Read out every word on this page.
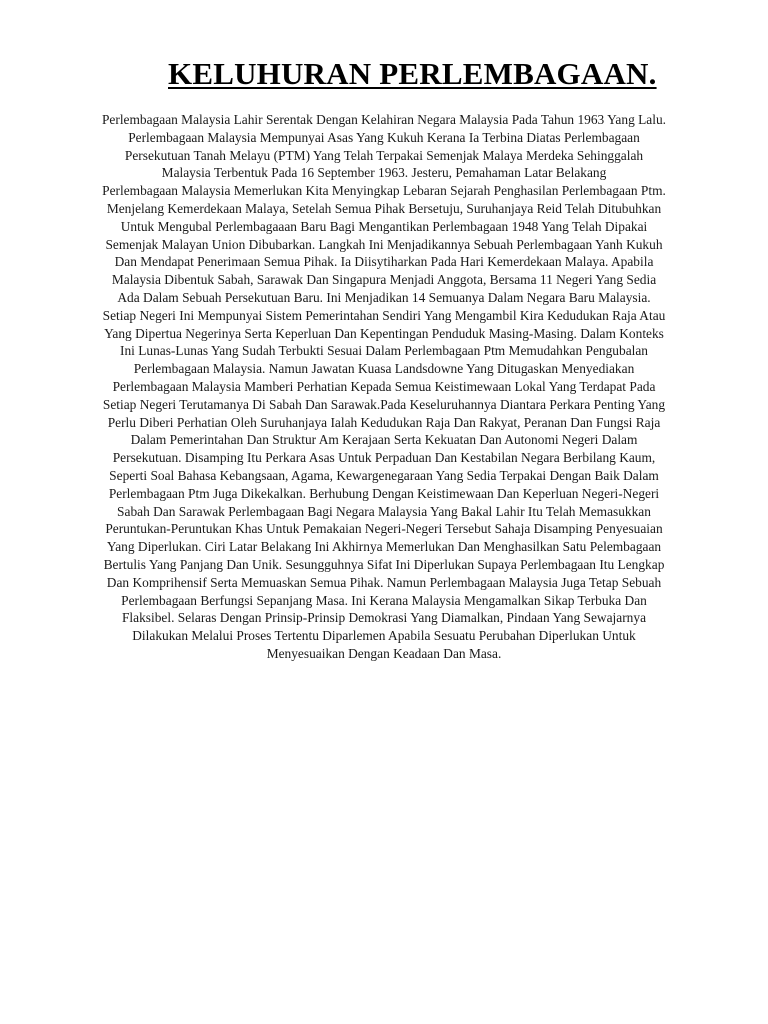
KELUHURAN PERLEMBAGAAN.
Perlembagaan Malaysia Lahir Serentak Dengan Kelahiran Negara Malaysia Pada Tahun 1963 Yang Lalu.
Perlembagaan Malaysia Mempunyai Asas Yang Kukuh Kerana Ia Terbina Diatas Perlembagaan
Persekutuan Tanah Melayu (PTM) Yang Telah Terpakai Semenjak Malaya Merdeka Sehinggalah
Malaysia Terbentuk Pada 16 September 1963. Jesteru, Pemahaman Latar Belakang
Perlembagaan Malaysia Memerlukan Kita Menyingkap Lebaran Sejarah Penghasilan Perlembagaan Ptm.
Menjelang Kemerdekaan Malaya, Setelah Semua Pihak Bersetuju, Suruhanjaya Reid Telah Ditubuhkan
Untuk Mengubal Perlembagaaan Baru Bagi Mengantikan Perlembagaan 1948 Yang Telah Dipakai
Semenjak Malayan Union Dibubarkan. Langkah Ini Menjadikannya Sebuah Perlembagaan Yanh Kukuh
Dan Mendapat Penerimaan Semua Pihak. Ia Diisytiharkan Pada Hari Kemerdekaan Malaya. Apabila
Malaysia Dibentuk Sabah, Sarawak Dan Singapura Menjadi Anggota, Bersama 11 Negeri Yang Sedia
Ada Dalam Sebuah Persekutuan Baru. Ini Menjadikan 14 Semuanya Dalam Negara Baru Malaysia.
Setiap Negeri Ini Mempunyai Sistem Pemerintahan Sendiri Yang Mengambil Kira Kedudukan Raja Atau
Yang Dipertua Negerinya Serta Keperluan Dan Kepentingan Penduduk Masing-Masing. Dalam Konteks
Ini Lunas-Lunas Yang Sudah Terbukti Sesuai Dalam Perlembagaan Ptm Memudahkan Pengubalan
Perlembagaan Malaysia. Namun Jawatan Kuasa Landsdowne Yang Ditugaskan Menyediakan
Perlembagaan Malaysia Mamberi Perhatian Kepada Semua Keistimewaan Lokal Yang Terdapat Pada
Setiap Negeri Terutamanya Di Sabah Dan Sarawak.Pada Keseluruhannya Diantara Perkara Penting Yang
Perlu Diberi Perhatian Oleh Suruhanjaya Ialah Kedudukan Raja Dan Rakyat, Peranan Dan Fungsi Raja
Dalam Pemerintahan Dan Struktur Am Kerajaan Serta Kekuatan Dan Autonomi Negeri Dalam
Persekutuan. Disamping Itu Perkara Asas Untuk Perpaduan Dan Kestabilan Negara Berbilang Kaum,
Seperti Soal Bahasa Kebangsaan, Agama, Kewargenegaraan Yang Sedia Terpakai Dengan Baik Dalam
Perlembagaan Ptm Juga Dikekalkan. Berhubung Dengan Keistimewaan Dan Keperluan Negeri-Negeri
Sabah Dan Sarawak Perlembagaan Bagi Negara Malaysia Yang Bakal Lahir Itu Telah Memasukkan
Peruntukan-Peruntukan Khas Untuk Pemakaian Negeri-Negeri Tersebut Sahaja Disamping Penyesuaian
Yang Diperlukan. Ciri Latar Belakang Ini Akhirnya Memerlukan Dan Menghasilkan Satu Pelembagaan
Bertulis Yang Panjang Dan Unik. Sesungguhnya Sifat Ini Diperlukan Supaya Perlembagaan Itu Lengkap
Dan Komprihensif Serta Memuaskan Semua Pihak. Namun Perlembagaan Malaysia Juga Tetap Sebuah
Perlembagaan Berfungsi Sepanjang Masa. Ini Kerana Malaysia Mengamalkan Sikap Terbuka Dan
Flaksibel. Selaras Dengan Prinsip-Prinsip Demokrasi Yang Diamalkan, Pindaan Yang Sewajarnya
Dilakukan Melalui Proses Tertentu Diparlemen Apabila Sesuatu Perubahan Diperlukan Untuk
Menyesuaikan Dengan Keadaan Dan Masa.
